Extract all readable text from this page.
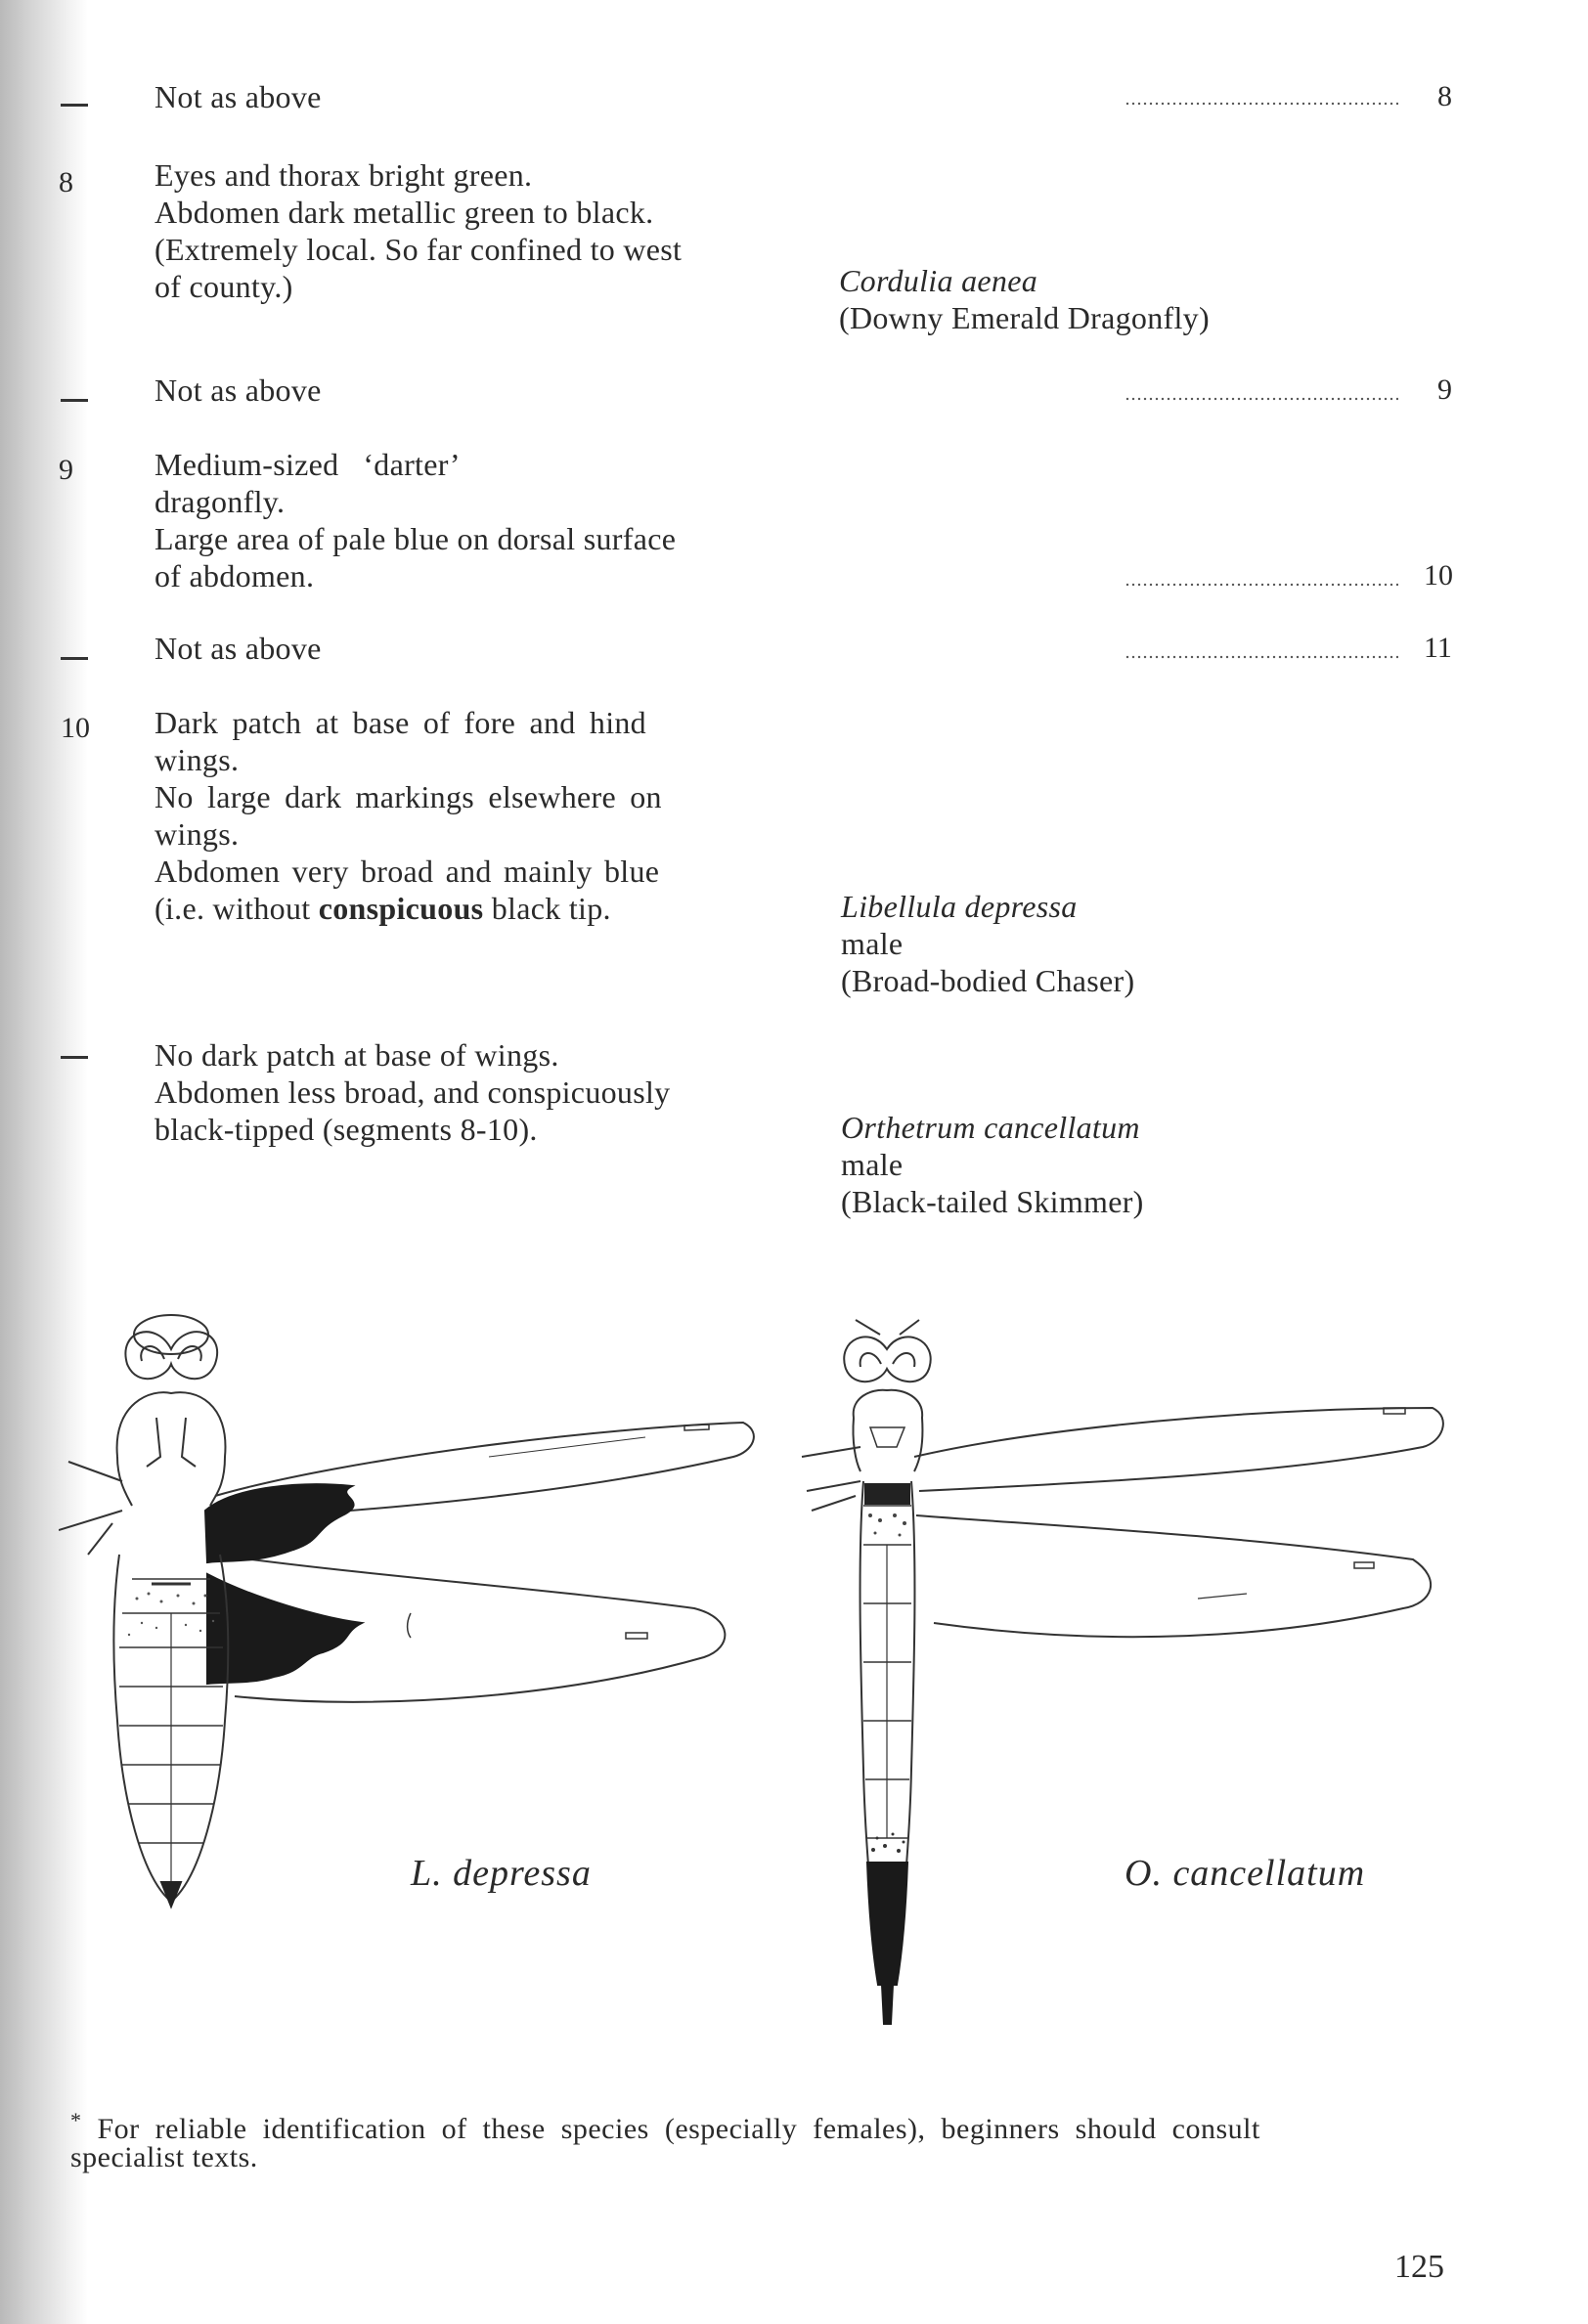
Not as above	8
8	Eyes and thorax bright green.
Abdomen dark metallic green to black.
(Extremely local. So far confined to west
of county.)	Cordulia aenea
(Downy Emerald Dragonfly)
Not as above	9
9	Medium-sized   ‘darter’
dragonfly.
Large area of pale blue on dorsal surface
of abdomen.	10
Not as above	11
10 Dark patch at base of fore and hind
wings.
No large dark markings elsewhere on
wings.
Abdomen very broad and mainly blue
(i.e. without conspicuous black tip.	Libellula depressa
male
(Broad-bodied Chaser)
No dark patch at base of wings.
Abdomen less broad, and conspicuously
black-tipped (segments 8-10).	Orthetrum cancellatum
male
(Black-tailed Skimmer)
L. depressa	O. cancellatum
* For reliable identification of these species (especially females), beginners should consult
specialist texts.
125
